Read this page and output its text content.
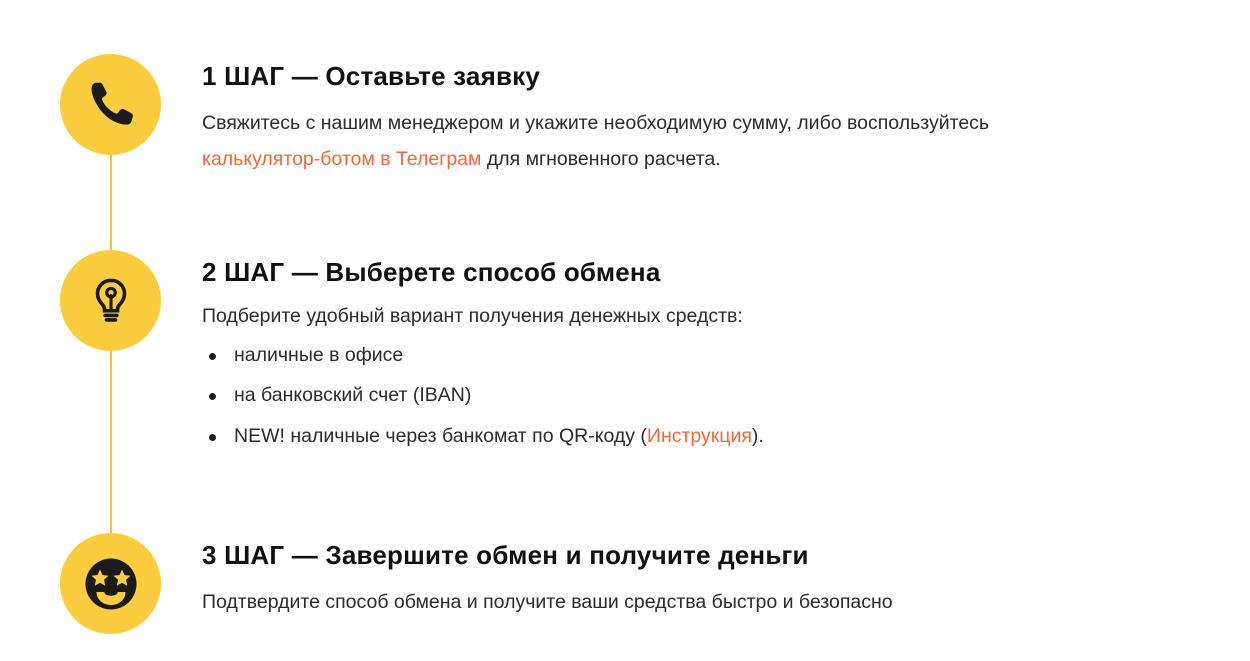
1 ШАГ — Оставьте заявку

Свяжитесь с нашим менеджером и укажите необходимую сумму, либо воспользуйтесь калькулятор-ботом в Телеграм для мгновенного расчета.

2 ШАГ — Выберете способ обмена

Подберите удобный вариант получения денежных средств:

наличные в офисе
на банковский счет (IBAN)
NEW! наличные через банкомат по QR-коду (Инструкция).
3 ШАГ — Завершите обмен и получите деньги

Подтвердите способ обмена и получите ваши средства быстро и безопасно
